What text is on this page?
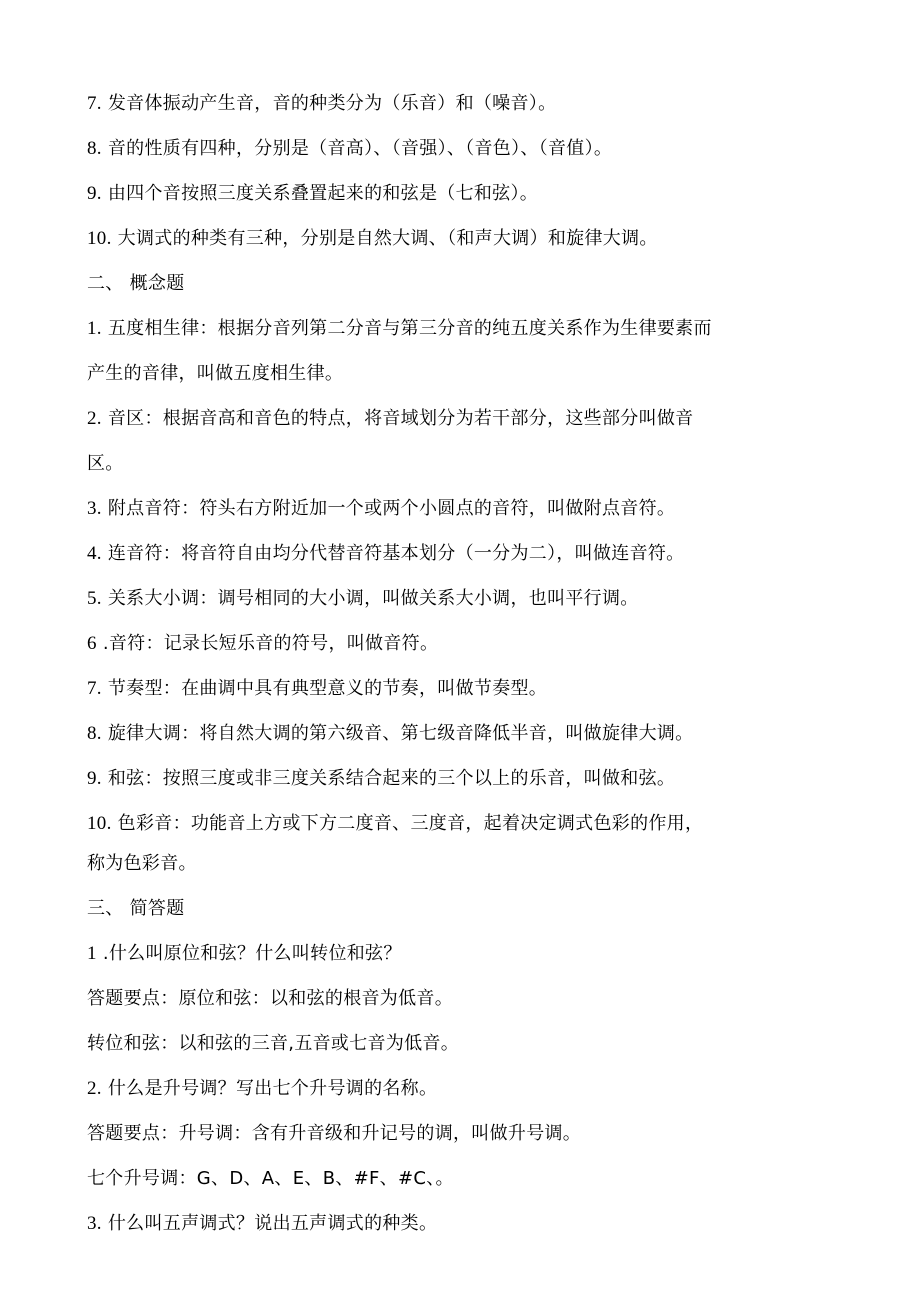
7. 发音体振动产生音，音的种类分为（乐音）和（噪音）。
8. 音的性质有四种，分别是（音高）、（音强）、（音色）、（音值）。
9. 由四个音按照三度关系叠置起来的和弦是（七和弦）。
10. 大调式的种类有三种，分别是自然大调、（和声大调）和旋律大调。
二、 概念题
1. 五度相生律：根据分音列第二分音与第三分音的纯五度关系作为生律要素而
产生的音律，叫做五度相生律。
2. 音区：根据音高和音色的特点，将音域划分为若干部分，这些部分叫做音
区。
3. 附点音符：符头右方附近加一个或两个小圆点的音符，叫做附点音符。
4. 连音符：将音符自由均分代替音符基本划分（一分为二），叫做连音符。
5. 关系大小调：调号相同的大小调，叫做关系大小调，也叫平行调。
6 .音符：记录长短乐音的符号，叫做音符。
7. 节奏型：在曲调中具有典型意义的节奏，叫做节奏型。
8. 旋律大调：将自然大调的第六级音、第七级音降低半音，叫做旋律大调。
9. 和弦：按照三度或非三度关系结合起来的三个以上的乐音，叫做和弦。
10. 色彩音：功能音上方或下方二度音、三度音，起着决定调式色彩的作用，
称为色彩音。
三、 简答题
1 .什么叫原位和弦？什么叫转位和弦？
答题要点：原位和弦：以和弦的根音为低音。
转位和弦：以和弦的三音,五音或七音为低音。
2. 什么是升号调？写出七个升号调的名称。
答题要点：升号调：含有升音级和升记号的调，叫做升号调。
七个升号调：G、D、A、E、B、#F、#C、。
3. 什么叫五声调式？说出五声调式的种类。
